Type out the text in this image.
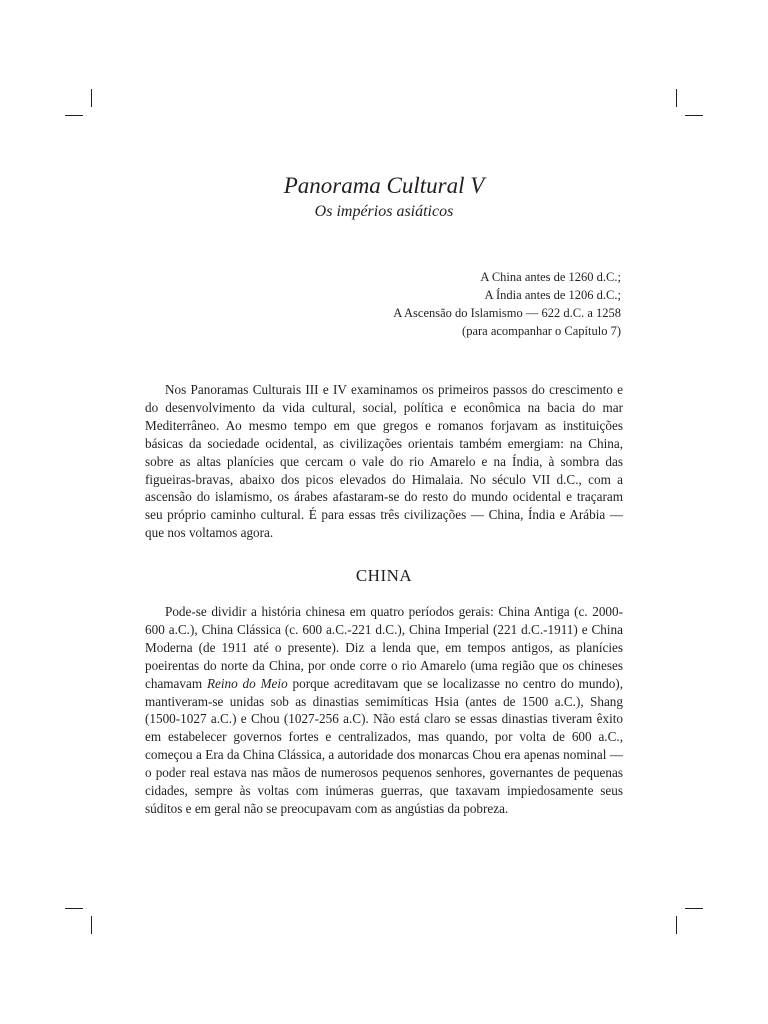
Panorama Cultural V
Os impérios asiáticos
A China antes de 1260 d.C.;
A Índia antes de 1206 d.C.;
A Ascensão do Islamismo — 622 d.C. a 1258
(para acompanhar o Capítulo 7)

Nos Panoramas Culturais III e IV examinamos os primeiros passos do crescimento e do desenvolvimento da vida cultural, social, política e econômica na bacia do mar Mediterrâneo. Ao mesmo tempo em que gregos e romanos forjavam as instituições básicas da sociedade ocidental, as civilizações orientais também emergiam: na China, sobre as altas planícies que cercam o vale do rio Amarelo e na Índia, à sombra das figueiras-bravas, abaixo dos picos elevados do Himalaia. No século VII d.C., com a ascensão do islamismo, os árabes afastaram-se do resto do mundo ocidental e traçaram seu próprio caminho cultural. É para essas três civilizações — China, Índia e Arábia — que nos voltamos agora.

CHINA

Pode-se dividir a história chinesa em quatro períodos gerais: China Antiga (c. 2000-600 a.C.), China Clássica (c. 600 a.C.-221 d.C.), China Imperial (221 d.C.-1911) e China Moderna (de 1911 até o presente). Diz a lenda que, em tempos antigos, as planícies poeirentas do norte da China, por onde corre o rio Amarelo (uma região que os chineses chamavam Reino do Meio porque acreditavam que se localizasse no centro do mundo), mantiveram-se unidas sob as dinastias semimíticas Hsia (antes de 1500 a.C.), Shang (1500-1027 a.C.) e Chou (1027-256 a.C). Não está claro se essas dinastias tiveram êxito em estabelecer governos fortes e centralizados, mas quando, por volta de 600 a.C., começou a Era da China Clássica, a autoridade dos monarcas Chou era apenas nominal — o poder real estava nas mãos de numerosos pequenos senhores, governantes de pequenas cidades, sempre às voltas com inúmeras guerras, que taxavam impiedosamente seus súditos e em geral não se preocupavam com as angústias da pobreza.
